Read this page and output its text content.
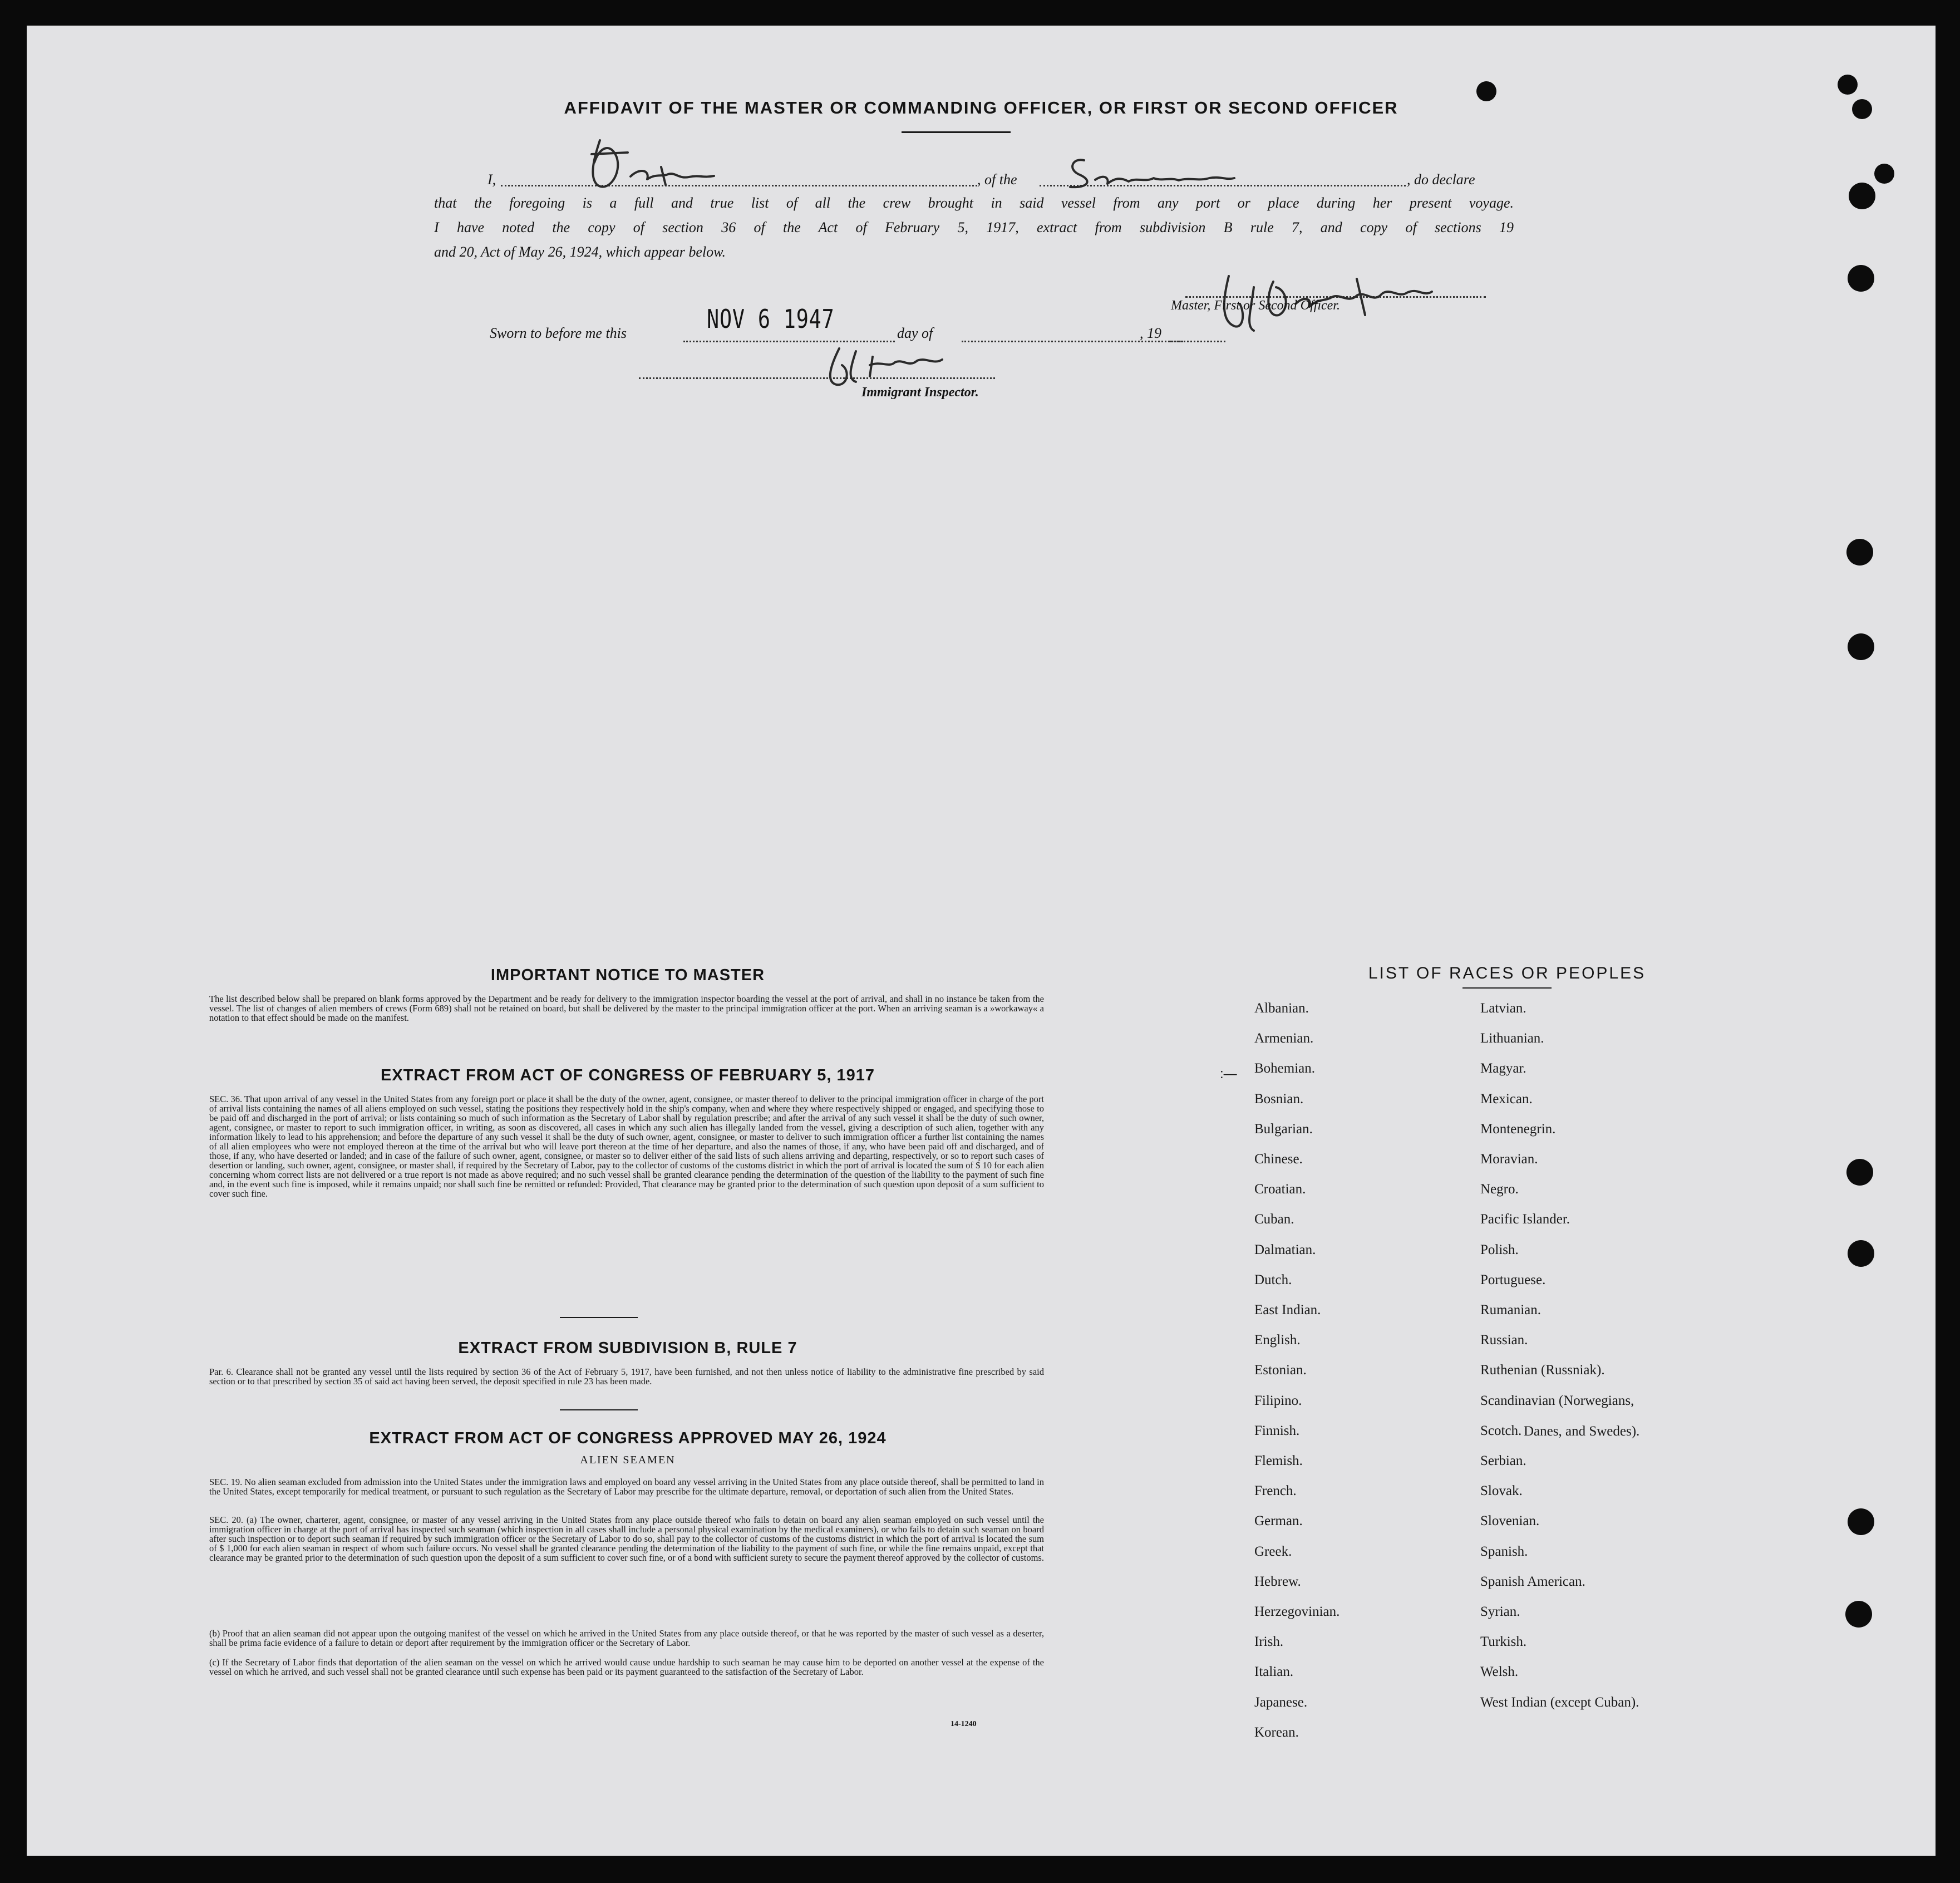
AFFIDAVIT OF THE MASTER OR COMMANDING OFFICER, OR FIRST OR SECOND OFFICER
I,	, of the	, do declare
that the foregoing is a full and true list of all the crew brought in said vessel from any port or place during her present voyage.
I have noted the copy of section 36 of the Act of February 5, 1917, extract from subdivision B rule 7, and copy of sections 19
and 20, Act of May 26, 1924, which appear below.
Master, First or Second Officer.
Sworn to before me this	NOV 6 1947	day of	, 19
Immigrant Inspector.
IMPORTANT NOTICE TO MASTER
The list described below shall be prepared on blank forms approved by the Department and be ready for delivery to the immigration inspector boarding the vessel at the port of arrival, and shall in no instance be taken from the vessel. The list of changes of alien members of crews (Form 689) shall not be retained on board, but shall be delivered by the master to the principal immigration officer at the port. When an arriving seaman is a »workaway« a notation to that effect should be made on the manifest.
EXTRACT FROM ACT OF CONGRESS OF FEBRUARY 5, 1917
SEC. 36. That upon arrival of any vessel in the United States from any foreign port or place it shall be the duty of the owner, agent, consignee, or master thereof to deliver to the principal immigration officer in charge of the port of arrival lists containing the names of all aliens employed on such vessel, stating the positions they respectively hold in the ship's company, when and where they where respectively shipped or engaged, and specifying those to be paid off and discharged in the port of arrival; or lists containing so much of such information as the Secretary of Labor shall by regulation prescribe; and after the arrival of any such vessel it shall be the duty of such owner, agent, consignee, or master to report to such immigration officer, in writing, as soon as discovered, all cases in which any such alien has illegally landed from the vessel, giving a description of such alien, together with any information likely to lead to his apprehension; and before the departure of any such vessel it shall be the duty of such owner, agent, consignee, or master to deliver to such immigration officer a further list containing the names of all alien employees who were not employed thereon at the time of the arrival but who will leave port thereon at the time of her departure, and also the names of those, if any, who have been paid off and discharged, and of those, if any, who have deserted or landed; and in case of the failure of such owner, agent, consignee, or master so to deliver either of the said lists of such aliens arriving and departing, respectively, or so to report such cases of desertion or landing, such owner, agent, consignee, or master shall, if required by the Secretary of Labor, pay to the collector of customs of the customs district in which the port of arrival is located the sum of $ 10 for each alien concerning whom correct lists are not delivered or a true report is not made as above required; and no such vessel shall be granted clearance pending the determination of the question of the liability to the payment of such fine and, in the event such fine is imposed, while it remains unpaid; nor shall such fine be remitted or refunded: Provided, That clearance may be granted prior to the determination of such question upon deposit of a sum sufficient to cover such fine.
EXTRACT FROM SUBDIVISION B, RULE 7
Par. 6. Clearance shall not be granted any vessel until the lists required by section 36 of the Act of February 5, 1917, have been furnished, and not then unless notice of liability to the administrative fine prescribed by said section or to that prescribed by section 35 of said act having been served, the deposit specified in rule 23 has been made.
EXTRACT FROM ACT OF CONGRESS APPROVED MAY 26, 1924
ALIEN SEAMEN
SEC. 19. No alien seaman excluded from admission into the United States under the immigration laws and employed on board any vessel arriving in the United States from any place outside thereof, shall be permitted to land in the United States, except temporarily for medical treatment, or pursuant to such regulation as the Secretary of Labor may prescribe for the ultimate departure, removal, or deportation of such alien from the United States.
SEC. 20. (a) The owner, charterer, agent, consignee, or master of any vessel arriving in the United States from any place outside thereof who fails to detain on board any alien seaman employed on such vessel until the immigration officer in charge at the port of arrival has inspected such seaman (which inspection in all cases shall include a personal physical examination by the medical examiners), or who fails to detain such seaman on board after such inspection or to deport such seaman if required by such immigration officer or the Secretary of Labor to do so, shall pay to the collector of customs of the customs district in which the port of arrival is located the sum of $ 1,000 for each alien seaman in respect of whom such failure occurs. No vessel shall be granted clearance pending the determination of the liability to the payment of such fine, or while the fine remains unpaid, except that clearance may be granted prior to the determination of such question upon the deposit of a sum sufficient to cover such fine, or of a bond with sufficient surety to secure the payment thereof approved by the collector of customs.
(b) Proof that an alien seaman did not appear upon the outgoing manifest of the vessel on which he arrived in the United States from any place outside thereof, or that he was reported by the master of such vessel as a deserter, shall be prima facie evidence of a failure to detain or deport after requirement by the immigration officer or the Secretary of Labor.
(c) If the Secretary of Labor finds that deportation of the alien seaman on the vessel on which he arrived would cause undue hardship to such seaman he may cause him to be deported on another vessel at the expense of the vessel on which he arrived, and such vessel shall not be granted clearance until such expense has been paid or its payment guaranteed to the satisfaction of the Secretary of Labor.
14-1240
LIST OF RACES OR PEOPLES
:—
Danes, and Swedes).
Albanian.
Armenian.
Bohemian.
Bosnian.
Bulgarian.
Chinese.
Croatian.
Cuban.
Dalmatian.
Dutch.
East Indian.
English.
Estonian.
Filipino.
Finnish.
Flemish.
French.
German.
Greek.
Hebrew.
Herzegovinian.
Irish.
Italian.
Japanese.
Korean.
Latvian.
Lithuanian.
Magyar.
Mexican.
Montenegrin.
Moravian.
Negro.
Pacific Islander.
Polish.
Portuguese.
Rumanian.
Russian.
Ruthenian (Russniak).
Scandinavian (Norwegians,
Scotch.
Serbian.
Slovak.
Slovenian.
Spanish.
Spanish American.
Syrian.
Turkish.
Welsh.
West Indian (except Cuban).
